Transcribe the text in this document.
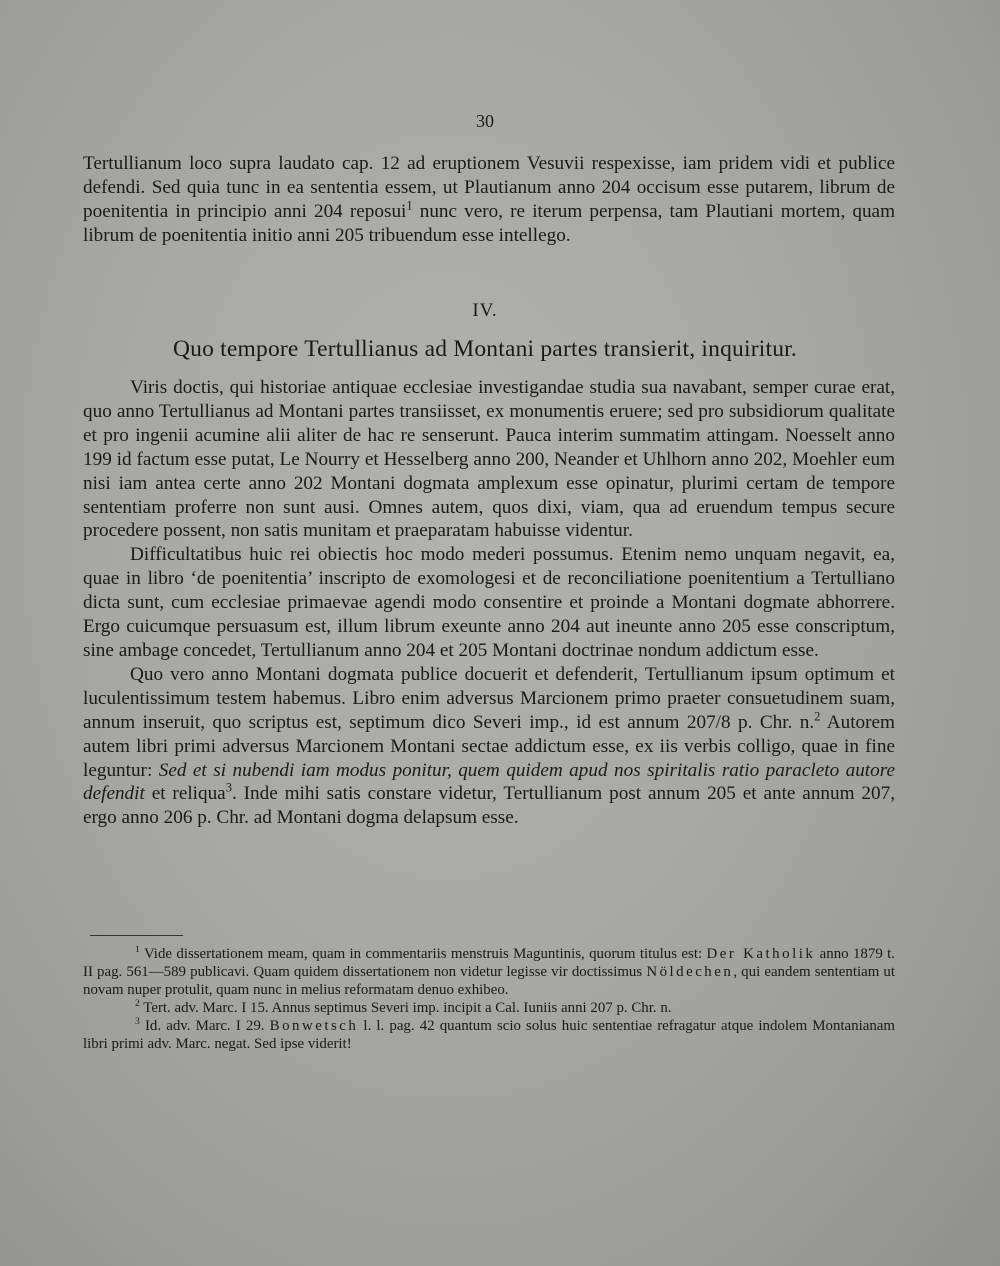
30

Tertullianum loco supra laudato cap. 12 ad eruptionem Vesuvii respexisse, iam pridem vidi et publice defendi. Sed quia tunc in ea sententia essem, ut Plautianum anno 204 occisum esse putarem, librum de poenitentia in principio anni 204 reposui$^1$ nunc vero, re iterum perpensa, tam Plautiani mortem, quam librum de poenitentia initio anni 205 tribuendum esse intellego.

IV.
Quo tempore Tertullianus ad Montani partes transierit, inquiritur.

Viris doctis, qui historiae antiquae ecclesiae investigandae studia sua navabant, semper curae erat, quo anno Tertullianus ad Montani partes transiisset, ex monumentis eruere; sed pro subsidiorum qualitate et pro ingenii acumine alii aliter de hac re senserunt. Pauca interim summatim attingam. Noesselt anno 199 id factum esse putat, Le Nourry et Hesselberg anno 200, Neander et Uhlhorn anno 202, Moehler eum nisi iam antea certe anno 202 Montani dogmata amplexum esse opinatur, plurimi certam de tempore sententiam proferre non sunt ausi. Omnes autem, quos dixi, viam, qua ad eruendum tempus secure procedere possent, non satis munitam et praeparatam habuisse videntur.

Difficultatibus huic rei obiectis hoc modo mederi possumus. Etenim nemo unquam negavit, ea, quae in libro ‘de poenitentia’ inscripto de exomologesi et de reconciliatione poenitentium a Tertulliano dicta sunt, cum ecclesiae primaevae agendi modo consentire et proinde a Montani dogmate abhorrere. Ergo cuicumque persuasum est, illum librum exeunte anno 204 aut ineunte anno 205 esse conscriptum, sine ambage concedet, Tertullianum anno 204 et 205 Montani doctrinae nondum addictum esse.

Quo vero anno Montani dogmata publice docuerit et defenderit, Tertullianum ipsum optimum et luculentissimum testem habemus. Libro enim adversus Marcionem primo praeter consuetudinem suam, annum inseruit, quo scriptus est, septimum dico Severi imp., id est annum 207/8 p. Chr. n.$^2$ Autorem autem libri primi adversus Marcionem Montani sectae addictum esse, ex iis verbis colligo, quae in fine leguntur: Sed et si nubendi iam modus ponitur, quem quidem apud nos spiritalis ratio paracleto autore defendit et reliqua$^3$. Inde mihi satis constare videtur, Tertullianum post annum 205 et ante annum 207, ergo anno 206 p. Chr. ad Montani dogma delapsum esse.

$^1$ Vide dissertationem meam, quam in commentariis menstruis Maguntinis, quorum titulus est: Der Katholik anno 1879 t. II pag. 561—589 publicavi. Quam quidem dissertationem non videtur legisse vir doctissimus Nöldechen, qui eandem sententiam ut novam nuper protulit, quam nunc in melius reformatam denuo exhibeo.

$^2$ Tert. adv. Marc. I 15. Annus septimus Severi imp. incipit a Cal. Iuniis anni 207 p. Chr. n.

$^3$ Id. adv. Marc. I 29. Bonwetsch l. l. pag. 42 quantum scio solus huic sententiae refragatur atque indolem Montanianam libri primi adv. Marc. negat. Sed ipse viderit!
